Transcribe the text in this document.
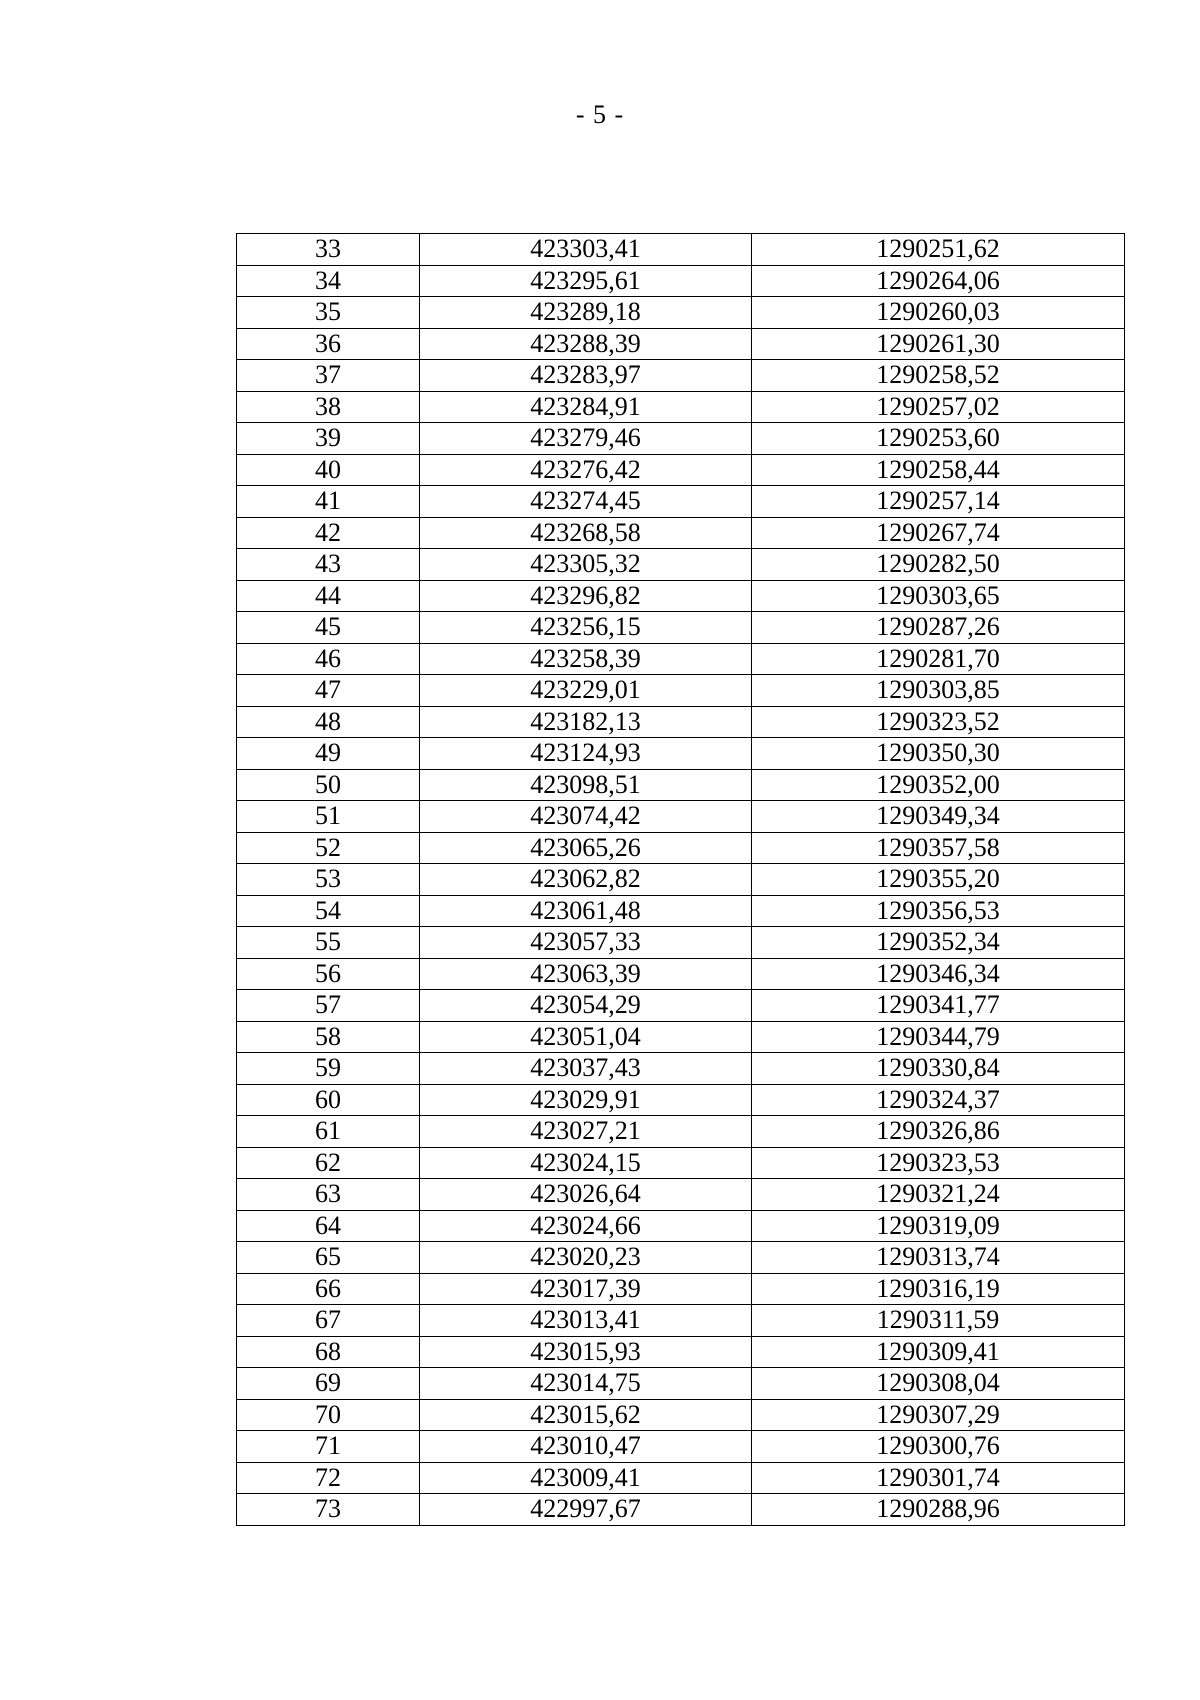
- 5 -
33	423303,41	1290251,62
34	423295,61	1290264,06
35	423289,18	1290260,03
36	423288,39	1290261,30
37	423283,97	1290258,52
38	423284,91	1290257,02
39	423279,46	1290253,60
40	423276,42	1290258,44
41	423274,45	1290257,14
42	423268,58	1290267,74
43	423305,32	1290282,50
44	423296,82	1290303,65
45	423256,15	1290287,26
46	423258,39	1290281,70
47	423229,01	1290303,85
48	423182,13	1290323,52
49	423124,93	1290350,30
50	423098,51	1290352,00
51	423074,42	1290349,34
52	423065,26	1290357,58
53	423062,82	1290355,20
54	423061,48	1290356,53
55	423057,33	1290352,34
56	423063,39	1290346,34
57	423054,29	1290341,77
58	423051,04	1290344,79
59	423037,43	1290330,84
60	423029,91	1290324,37
61	423027,21	1290326,86
62	423024,15	1290323,53
63	423026,64	1290321,24
64	423024,66	1290319,09
65	423020,23	1290313,74
66	423017,39	1290316,19
67	423013,41	1290311,59
68	423015,93	1290309,41
69	423014,75	1290308,04
70	423015,62	1290307,29
71	423010,47	1290300,76
72	423009,41	1290301,74
73	422997,67	1290288,96
